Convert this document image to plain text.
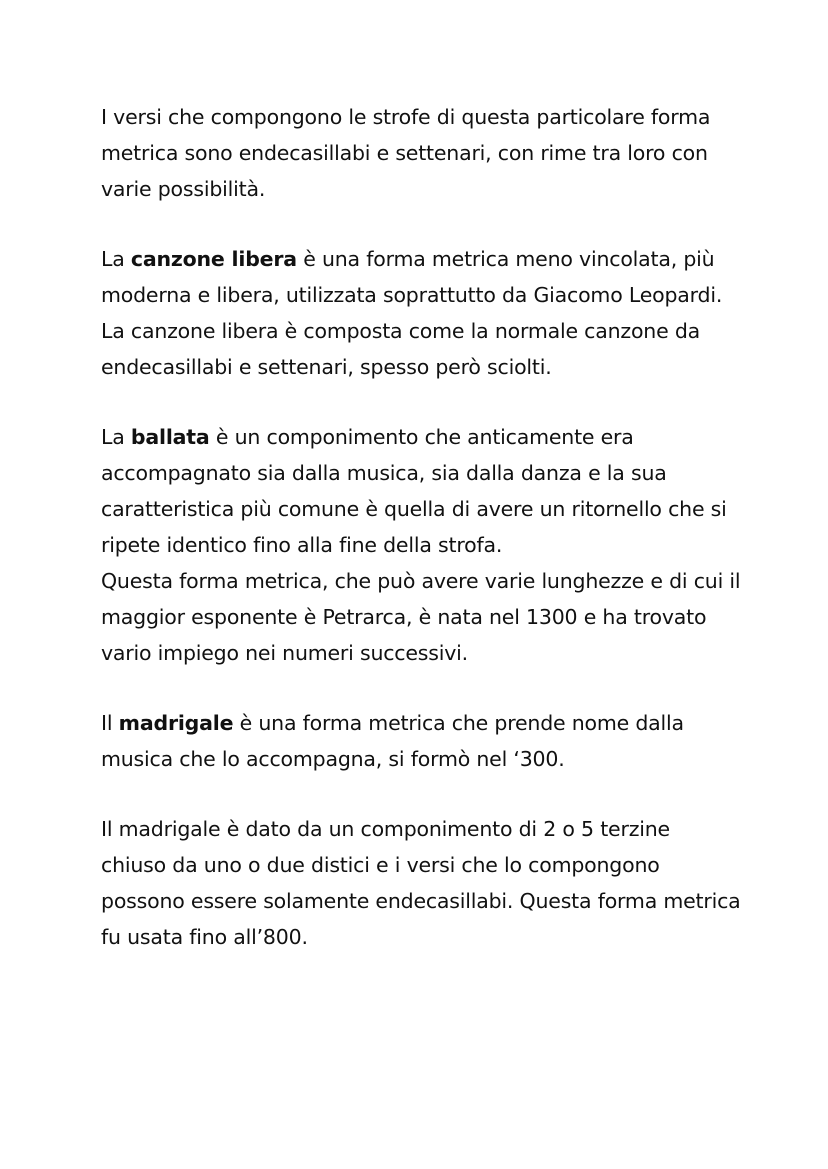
I versi che compongono le strofe di questa particolare forma metrica sono endecasillabi e settenari, con rime tra loro con varie possibilità.

La canzone libera è una forma metrica meno vincolata, più moderna e libera, utilizzata soprattutto da Giacomo Leopardi. La canzone libera è composta come la normale canzone da endecasillabi e settenari, spesso però sciolti.

La ballata è un componimento che anticamente era accompagnato sia dalla musica, sia dalla danza e la sua caratteristica più comune è quella di avere un ritornello che si ripete identico fino alla fine della strofa.

Questa forma metrica, che può avere varie lunghezze e di cui il maggior esponente è Petrarca, è nata nel 1300 e ha trovato vario impiego nei numeri successivi.

Il madrigale è una forma metrica che prende nome dalla musica che lo accompagna, si formò nel ‘300.

Il madrigale è dato da un componimento di 2 o 5 terzine chiuso da uno o due distici e i versi che lo compongono possono essere solamente endecasillabi. Questa forma metrica fu usata fino all’800.
